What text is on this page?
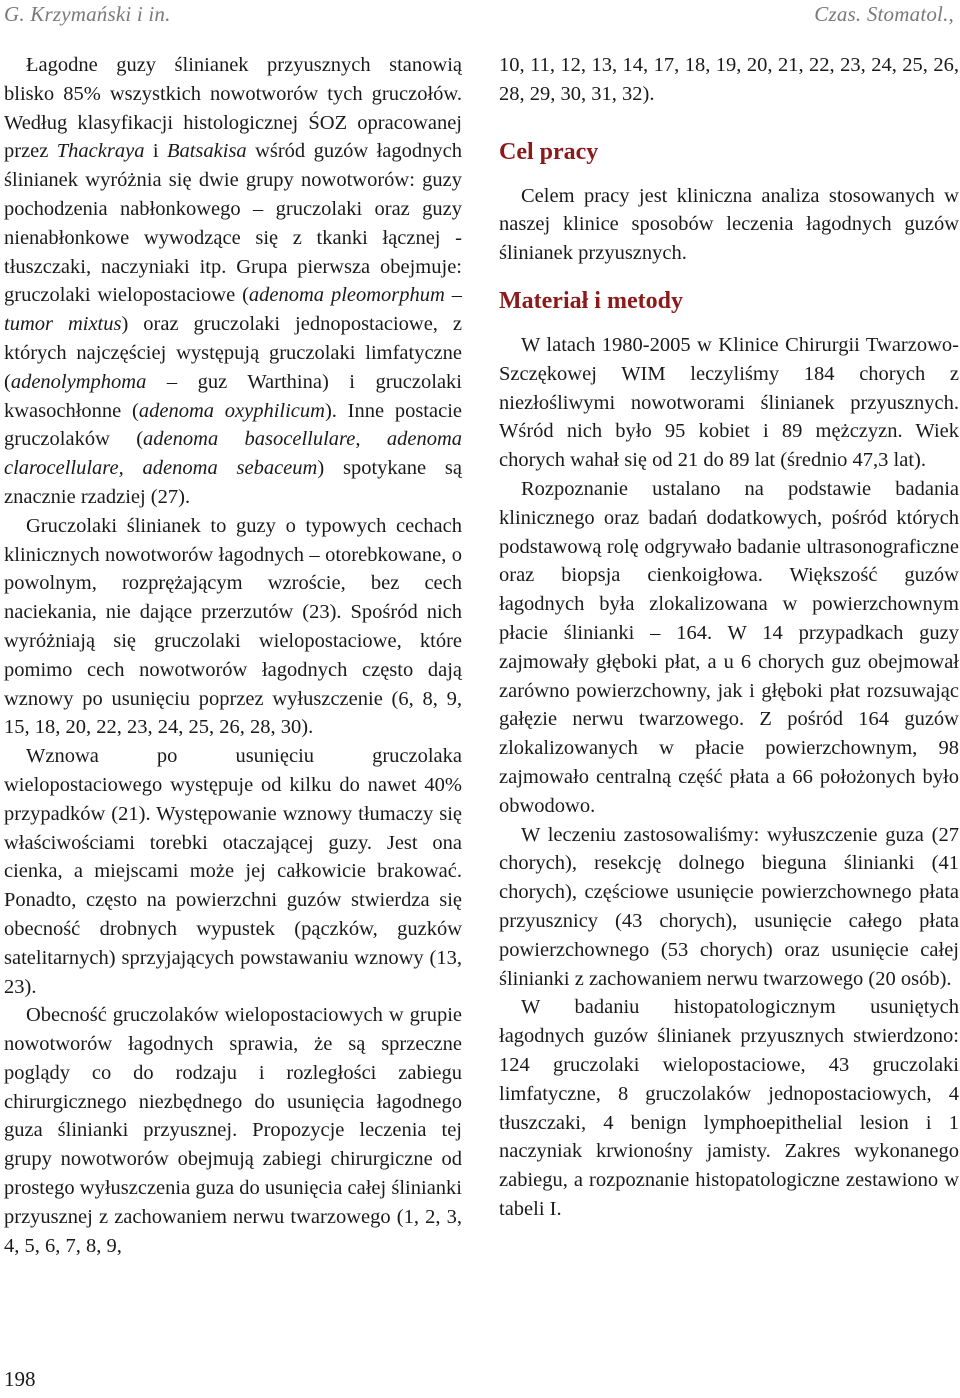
G. Krzymański i in.	Czas. Stomatol.,

Łagodne guzy ślinianek przyusznych stanowią blisko 85% wszystkich nowotworów tych gruczołów. Według klasyfikacji histologicznej ŚOZ opracowanej przez Thackraya i Batsakisa wśród guzów łagodnych ślinianek wyróżnia się dwie grupy nowotworów: guzy pochodzenia nabłonkowego – gruczolaki oraz guzy nienabłonkowe wywodzące się z tkanki łącznej -tłuszczaki, naczyniaki itp. Grupa pierwsza obejmuje: gruczolaki wielopostaciowe (adenoma pleomorphum – tumor mixtus) oraz gruczolaki jednopostaciowe, z których najczęściej występują gruczolaki limfatyczne (adenolymphoma – guz Warthina) i gruczolaki kwasochłonne (adenoma oxyphilicum). Inne postacie gruczolaków (adenoma basocellulare, adenoma clarocellulare, adenoma sebaceum) spotykane są znacznie rzadziej (27).

Gruczolaki ślinianek to guzy o typowych cechach klinicznych nowotworów łagodnych – otorebkowane, o powolnym, rozprężającym wzroście, bez cech naciekania, nie dające przerzutów (23). Spośród nich wyróżniają się gruczolaki wielopostaciowe, które pomimo cech nowotworów łagodnych często dają wznowy po usunięciu poprzez wyłuszczenie (6, 8, 9, 15, 18, 20, 22, 23, 24, 25, 26, 28, 30).

Wznowa po usunięciu gruczolaka wielopostaciowego występuje od kilku do nawet 40% przypadków (21). Występowanie wznowy tłumaczy się właściwościami torebki otaczającej guzy. Jest ona cienka, a miejscami może jej całkowicie brakować. Ponadto, często na powierzchni guzów stwierdza się obecność drobnych wypustek (pączków, guzków satelitarnych) sprzyjających powstawaniu wznowy (13, 23).

Obecność gruczolaków wielopostaciowych w grupie nowotworów łagodnych sprawia, że są sprzeczne poglądy co do rodzaju i rozległości zabiegu chirurgicznego niezbędnego do usunięcia łagodnego guza ślinianki przyusznej. Propozycje leczenia tej grupy nowotworów obejmują zabiegi chirurgiczne od prostego wyłuszczenia guza do usunięcia całej ślinianki przyusznej z zachowaniem nerwu twarzowego (1, 2, 3, 4, 5, 6, 7, 8, 9,

10, 11, 12, 13, 14, 17, 18, 19, 20, 21, 22, 23, 24, 25, 26, 28, 29, 30, 31, 32).

Cel pracy

Celem pracy jest kliniczna analiza stosowanych w naszej klinice sposobów leczenia łagodnych guzów ślinianek przyusznych.

Materiał i metody

W latach 1980-2005 w Klinice Chirurgii Twarzowo-Szczękowej WIM leczyliśmy 184 chorych z niezłośliwymi nowotworami ślinianek przyusznych. Wśród nich było 95 kobiet i 89 mężczyzn. Wiek chorych wahał się od 21 do 89 lat (średnio 47,3 lat).

Rozpoznanie ustalano na podstawie badania klinicznego oraz badań dodatkowych, pośród których podstawową rolę odgrywało badanie ultrasonograficzne oraz biopsja cienkoigłowa. Większość guzów łagodnych była zlokalizowana w powierzchownym płacie ślinianki – 164. W 14 przypadkach guzy zajmowały głęboki płat, a u 6 chorych guz obejmował zarówno powierzchowny, jak i głęboki płat rozsuwając gałęzie nerwu twarzowego. Z pośród 164 guzów zlokalizowanych w płacie powierzchownym, 98 zajmowało centralną część płata a 66 położonych było obwodowo.

W leczeniu zastosowaliśmy: wyłuszczenie guza (27 chorych), resekcję dolnego bieguna ślinianki (41 chorych), częściowe usunięcie powierzchownego płata przyusznicy (43 chorych), usunięcie całego płata powierzchownego (53 chorych) oraz usunięcie całej ślinianki z zachowaniem nerwu twarzowego (20 osób).

W badaniu histopatologicznym usuniętych łagodnych guzów ślinianek przyusznych stwierdzono: 124 gruczolaki wielopostaciowe, 43 gruczolaki limfatyczne, 8 gruczolaków jednopostaciowych, 4 tłuszczaki, 4 benign lymphoepithelial lesion i 1 naczyniak krwionośny jamisty. Zakres wykonanego zabiegu, a rozpoznanie histopatologiczne zestawiono w tabeli I.

198
